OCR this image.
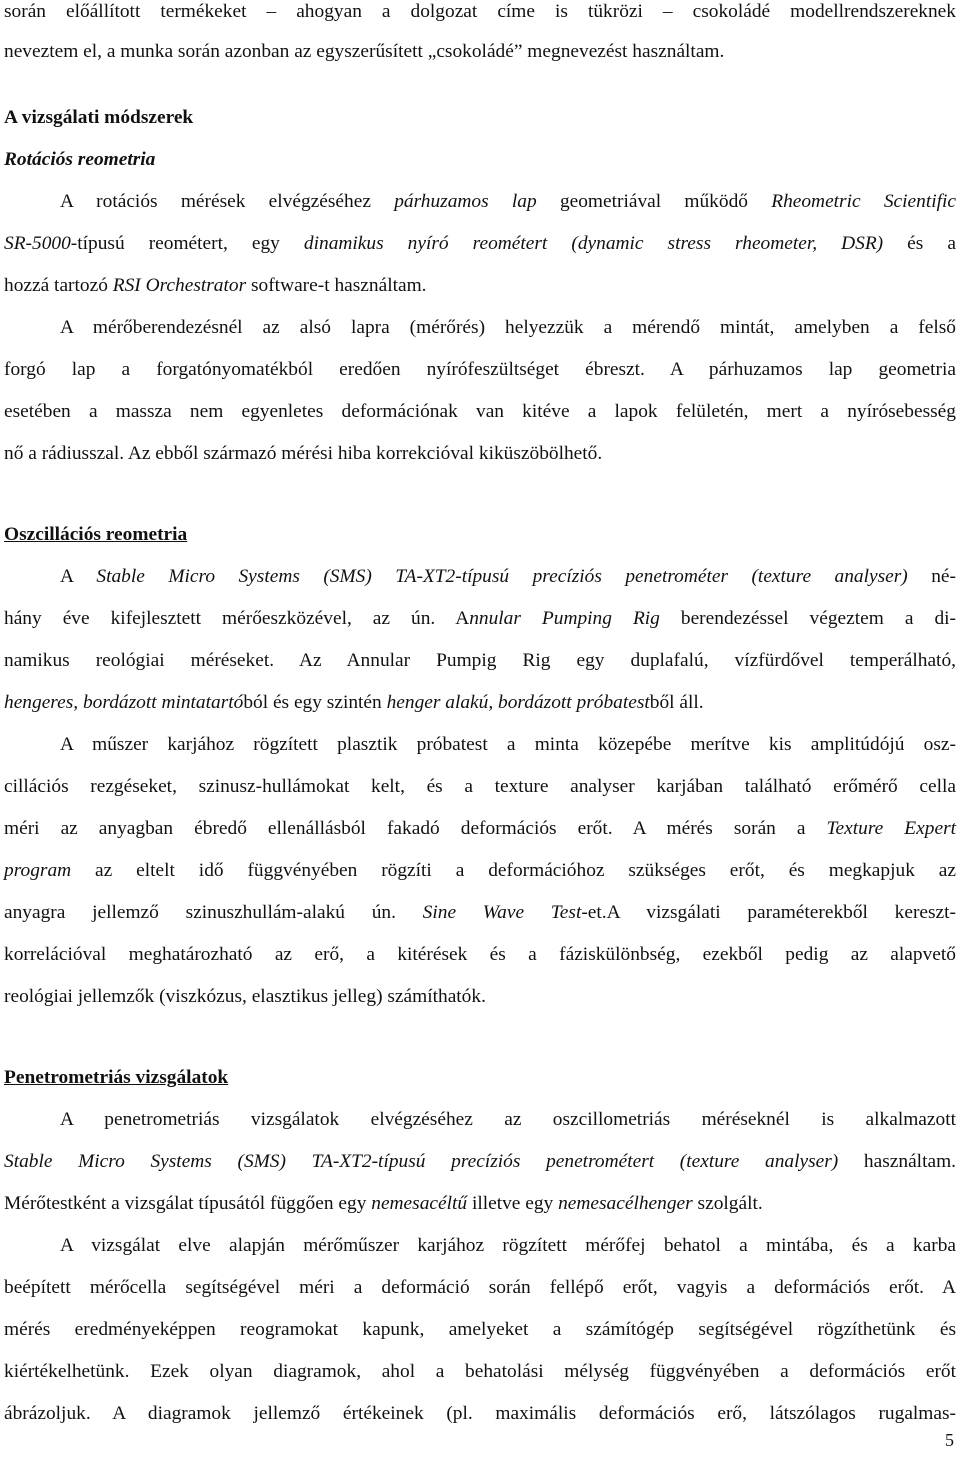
során előállított termékeket – ahogyan a dolgozat címe is tükrözi – csokoládé modellrendszereknek
neveztem el, a munka során azonban az egyszerűsített „csokoládé” megnevezést használtam.
A vizsgálati módszerek
Rotációs reometria
A rotációs mérések elvégzéséhez párhuzamos lap geometriával működő Rheometric Scientific
SR-5000-típusú reométert, egy dinamikus nyíró reométert (dynamic stress rheometer, DSR) és a
hozzá tartozó RSI Orchestrator software-t használtam.
A mérőberendezésnél az alsó lapra (mérőrés) helyezzük a mérendő mintát, amelyben a felső
forgó lap a forgatónyomatékból eredően nyírófeszültséget ébreszt. A párhuzamos lap geometria
esetében a massza nem egyenletes deformációnak van kitéve a lapok felületén, mert a nyírósebesség
nő a rádiusszal. Az ebből származó mérési hiba korrekcióval kiküszöbölhető.
Oszcillációs reometria
A Stable Micro Systems (SMS) TA-XT2-típusú precíziós penetrométer (texture analyser) né-
hány éve kifejlesztett mérőeszközével, az ún. Annular Pumping Rig berendezéssel végeztem a di-
namikus reológiai méréseket. Az Annular Pumpig Rig egy duplafalú, vízfürdővel temperálható,
hengeres, bordázott mintatartóból és egy szintén henger alakú, bordázott próbatestből áll.
A műszer karjához rögzített plasztik próbatest a minta közepébe merítve kis amplitúdójú osz-
cillációs rezgéseket, szinusz-hullámokat kelt, és a texture analyser karjában található erőmérő cella
méri az anyagban ébredő ellenállásból fakadó deformációs erőt. A mérés során a Texture Expert
program az eltelt idő függvényében rögzíti a deformációhoz szükséges erőt, és megkapjuk az
anyagra jellemző szinuszhullám-alakú ún. Sine Wave Test-et.A vizsgálati paraméterekből kereszt-
korrelációval meghatározható az erő, a kitérések és a fáziskülönbség, ezekből pedig az alapvető
reológiai jellemzők (viszkózus, elasztikus jelleg) számíthatók.
Penetrometriás vizsgálatok
A penetrometriás vizsgálatok elvégzéséhez az oszcillometriás méréseknél is alkalmazott
Stable Micro Systems (SMS) TA-XT2-típusú precíziós penetrométert (texture analyser) használtam.
Mérőtestként a vizsgálat típusától függően egy nemesacéltű illetve egy nemesacélhenger szolgált.
A vizsgálat elve alapján mérőműszer karjához rögzített mérőfej behatol a mintába, és a karba
beépített mérőcella segítségével méri a deformáció során fellépő erőt, vagyis a deformációs erőt. A
mérés eredményeképpen reogramokat kapunk, amelyeket a számítógép segítségével rögzíthetünk és
kiértékelhetünk. Ezek olyan diagramok, ahol a behatolási mélység függvényében a deformációs erőt
ábrázoljuk. A diagramok jellemző értékeinek (pl. maximális deformációs erő, látszólagos rugalmas-
5
